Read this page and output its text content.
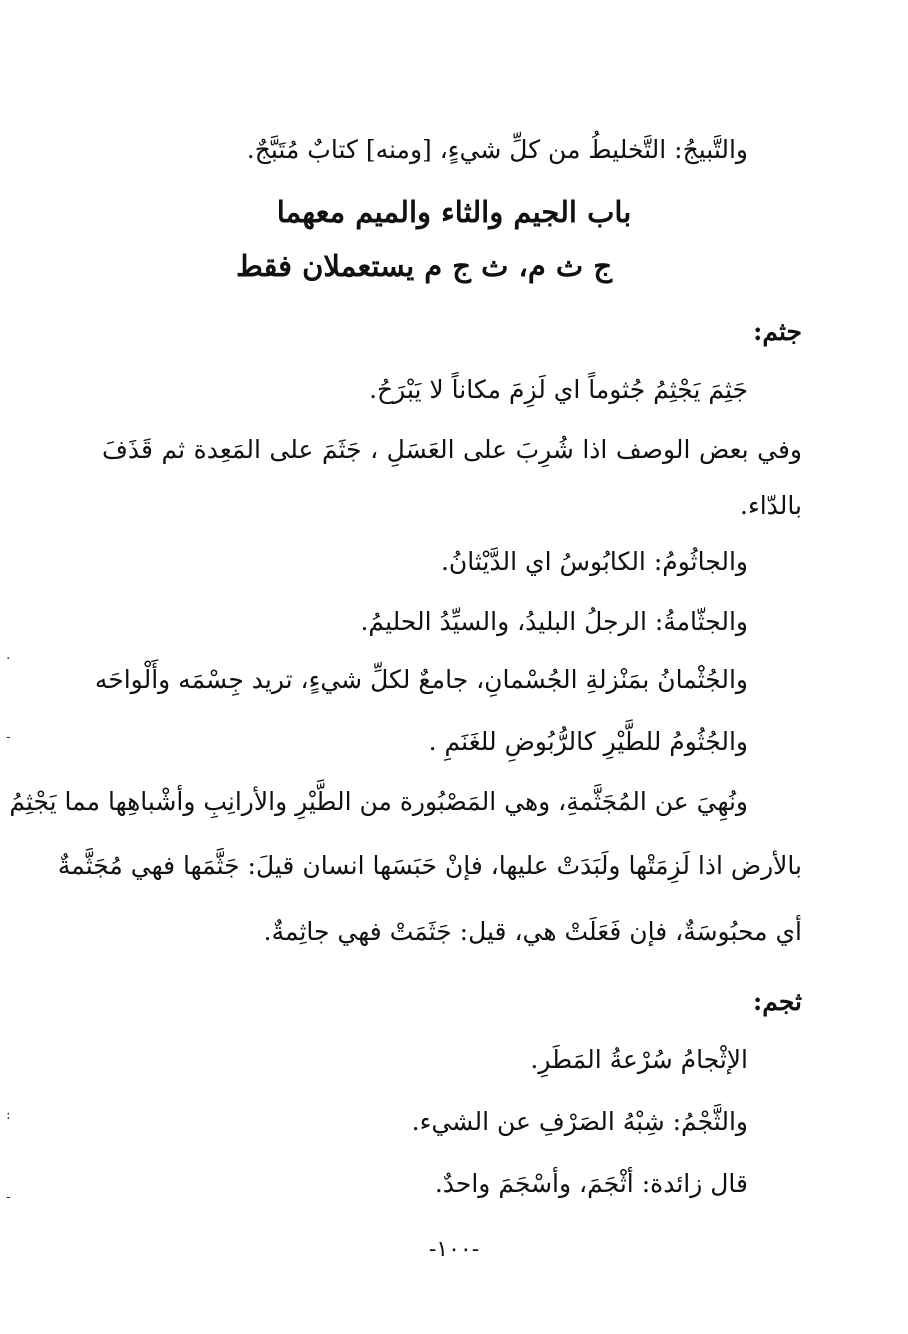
والتَّبيجُ: التَّخليطُ من كلِّ شيءٍ، [ومنه] كتابٌ مُتَبَّجٌ.
باب الجيم والثاء والميم معهما
ج ث م، ث ج م يستعملان فقط
جثم:
جَثِمَ يَجْثِمُ جُثوماً اي لَزِمَ مكاناً لا يَبْرَحُ.
وفي بعض الوصف اذا شُرِبَ على العَسَلِ ، جَثَمَ على المَعِدة ثم قَذَفَ
بالدّاء.
والجاثُومُ: الكابُوسُ اي الدَّيْثانُ.
والجثّامةُ: الرجلُ البليدُ، والسيِّدُ الحليمُ.
والجُثْمانُ بمَنْزلةِ الجُسْمانِ، جامعٌ لكلِّ شيءٍ، تريد جِسْمَه وأَلْواحَه
والجُثُومُ للطَّيْرِ كالرُّبُوضِ للغَنَمِ .
ونُهِيَ عن المُجَثَّمةِ، وهي المَصْبُورة من الطَّيْرِ والأرانِبِ وأشْباهِها مما يَجْثِمُ
بالأرض اذا لَزِمَتْها ولَبَدَتْ عليها، فإنْ حَبَسَها انسان قيلَ: جَثَّمَها فهي مُجَثَّمةٌ
أي محبُوسَةٌ، فإن فَعَلَتْ هي، قيل: جَثَمَتْ فهي جاثِمةٌ.
ثجم:
الإثْجامُ سُرْعةُ المَطَرِ.
والثَّجْمُ: شِبْهُ الصَرْفِ عن الشيء.
قال زائدة: أثْجَمَ، وأسْجَمَ واحدٌ.
-١٠٠-
·
-
:
-
